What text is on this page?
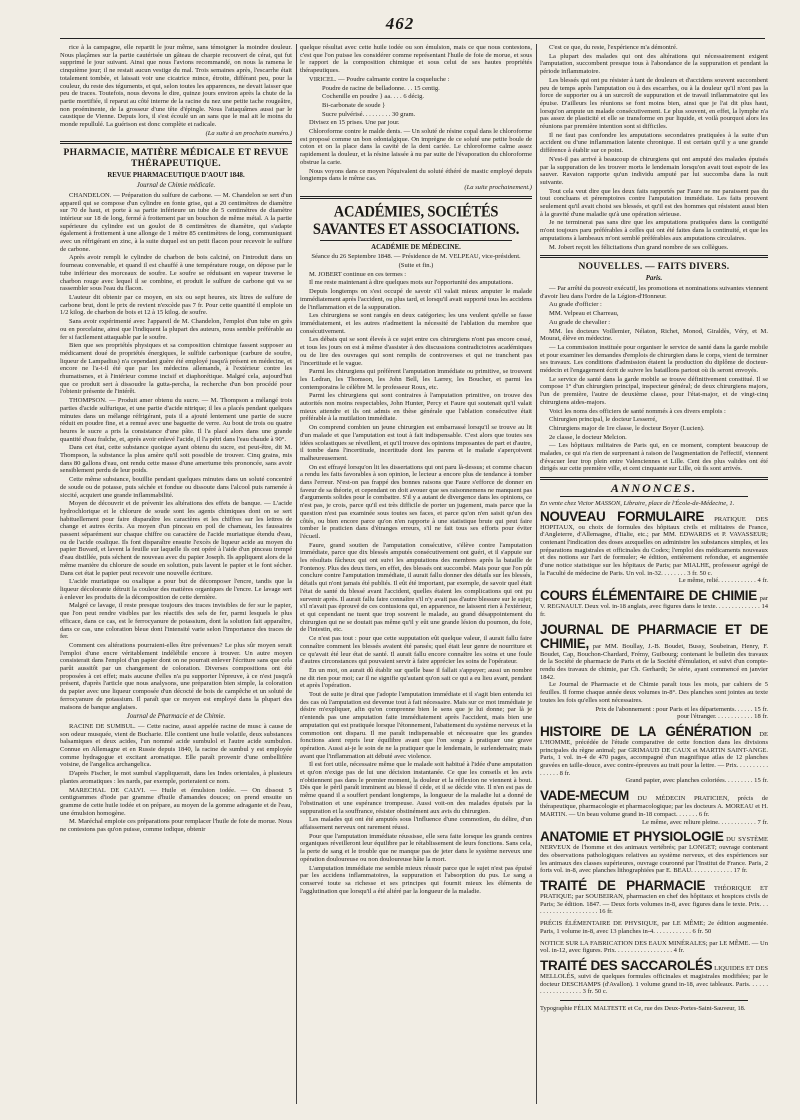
462

rice à la campagne, elle repartit le jour même, sans témoigner la moindre douleur. Nous plaçâmes sur la partie cautérisée un gâteau de charpie recouvert de cérat, qui fut supprimé le jour suivant. Ainsi que nous l'avions recommandé, on nous la ramena le cinquième jour; il ne restait aucun vestige du mal. Trois semaines après, l'escarrhe était totalement tombée, et laissait voir une cicatrice mince, étroite, différant peu, pour la couleur, du reste des téguments, et qui, selon toutes les apparences, ne devait laisser que peu de traces. Toutefois, nous devons le dire, quinze jours environ après la chute de la partie mortifiée, il reparut au côté interne de la racine du nez une petite tache rougeâtre, non proéminente, de la grosseur d'une tête d'épingle. Nous l'attaquâmes aussi par le caustique de Vienne. Depuis lors, il s'est écoulé un an sans que le mal ait le moins du monde repullulé. La guérison est donc complète et radicale.

(La suite à un prochain numéro.)

PHARMACIE, MATIÈRE MÉDICALE ET REVUE THÉRAPEUTIQUE.
REVUE PHARMACEUTIQUE D'AOUT 1848.
Journal de Chimie médicale.

CHANDELON. — Préparation du sulfure de carbone. — M. Chandelon se sert d'un appareil qui se compose d'un cylindre en fonte grise, qui a 20 centimètres de diamètre sur 70 de haut, et porte à sa partie inférieure un tube de 5 centimètres de diamètre intérieur sur 18 de long, fermé à frottement par un bouchon de même métal. A la partie supérieure du cylindre est un goulot de 8 centimètres de diamètre, qui s'adapte également à frottement à une allonge de 1 mètre 85 centimètres de long, communiquant avec un réfrigérant en zinc, à la suite duquel est un petit flacon pour recevoir le sulfure de carbone.

Après avoir rempli le cylindre de charbon de bois calciné, on l'introduit dans un fourneau convenable, et quand il est chauffé à une température rouge, on dépose par le tube inférieur des morceaux de soufre. Le soufre se réduisant en vapeur traverse le charbon rouge avec lequel il se combine, et produit le sulfure de carbone qui va se rassembler sous l'eau du flacon.

L'auteur dit obtenir par ce moyen, en six ou sept heures, six litres de sulfure de carbone brut, dont le prix de revient n'excède pas 7 fr. Pour cette quantité il emploie un 1/2 kilog. de charbon de bois et 12 à 15 kilog. de soufre.

Sans avoir expérimenté avec l'appareil de M. Chandelon, l'emploi d'un tube en grès ou en porcelaine, ainsi que l'indiquent la plupart des auteurs, nous semble préférable au fer si facilement attaquable par le soufre.

Bien que ses propriétés physiques et sa composition chimique fassent supposer au médicament doué de propriétés énergiques, le sulfide carbonique (carbure de soufre, liqueur de Lampadius) n'a cependant guère été employé jusqu'à présent en médecine, et encore ne l'a-t-il été que par les médecins allemands, à l'extérieur contre les rhumatismes, et à l'intérieur comme incisif et diaphorétique. Malgré cela, aujourd'hui que ce produit sert à dissoudre la gutta-percha, la recherche d'un bon procédé pour l'obtenir présente de l'intérêt.

THOMPSON. — Produit amer obtenu du sucre. — M. Thompson a mélangé trois parties d'acide sulfurique, et une partie d'acide nitrique; il les a placés pendant quelques minutes dans un mélange réfrigérant, puis il a ajouté lentement une partie de sucre réduit en poudre fine, et a remué avec une baguette de verre. Au bout de trois ou quatre heures le sucre a pris la consistance d'une pâte. Il l'a placé alors dans une grande quantité d'eau fraîche, et, après avoir enlevé l'acide, il l'a pétri dans l'eau chaude à 90°.

Dans cet état, cette substance quoique ayant obtenu du sucre, est peut-être, dit M. Thompson, la substance la plus amère qu'il soit possible de trouver. Cinq grains, mis dans 80 gallons d'eau, ont rendu cette masse d'une amertume très prononcée, sans avoir sensiblement perdu de leur poids.

Cette même substance, bouillie pendant quelques minutes dans un soluté concentré de soude ou de potasse, puis séchée et fondue ou dissoute dans l'alcool puis ramenée à siccité, acquiert une grande inflammabilité.

Moyen de découvrir et de prévenir les altérations des effets de banque. — L'acide hydrochlorique et le chlorure de soude sont les agents chimiques dont on se sert habituellement pour faire disparaître les caractères et les chiffres sur les lettres de change et autres écrits. Au moyen d'un pinceau en poil de chameau, les faussaires passent séparément sur chaque chiffre ou caractère de l'acide muriatique étendu d'eau, ou de l'acide oxalique. Ils font disparaître ensuite l'excès de liqueur acide au moyen du papier Buvard, et lavent la feuille sur laquelle ils ont opéré à l'aide d'un pinceau trempé d'eau distillée, puis séchent de nouveau avec du papier Joseph. Ils appliquent alors de la même manière du chlorure de soude en solution, puis lavent le papier et le font sécher. Dans cet état le papier peut recevoir une nouvelle écriture.

L'acide muriatique ou oxalique a pour but de décomposer l'encre, tandis que la liqueur décolorante détruit la couleur des matières organiques de l'encre. Le lavage sert à enlever les produits de la décomposition de cette dernière.

Malgré ce lavage, il reste presque toujours des traces invisibles de fer sur le papier, que l'on peut rendre visibles par les réactifs des sels de fer, parmi lesquels le plus efficace, dans ce cas, est le ferrocyanure de potassium, dont la solution fait apparaître, dans ce cas, une coloration bleue dont l'intensité varie selon l'importance des traces de fer.

Comment ces altérations pourraient-elles être prévenues? Le plus sûr moyen serait l'emploi d'une encre véritablement indélébile encore à trouver. Un autre moyen consisterait dans l'emploi d'un papier dont on ne pourrait enlever l'écriture sans que cela parût aussitôt par un changement de coloration. Diverses compositions ont été proposées à cet effet; mais aucune d'elles n'a pu supporter l'épreuve, à ce n'est jusqu'à présent, d'après l'article que nous analysons, une préparation bien simple, la coloration du papier avec une liqueur composée d'un décocté de bois de campêche et un soluté de ferrocyanure de potassium. Il paraît que ce moyen est employé dans la plupart des maisons de banque anglaises.

Journal de Pharmacie et de Chimie.

RACINE DE SUMBUL. — Cette racine, aussi appelée racine de musc à cause de son odeur musquée, vient de Bucharie. Elle contient une huile volatile, deux substances balsamiques et deux acides, l'un nommé acide sumbulol et l'autre acide sumbulon. Connue en Allemagne et en Russie depuis 1840, la racine de sumbul y est employée comme hydragogue et excitant aromatique. Elle paraît provenir d'une ombellifère voisine, de l'angelica archangelica.

D'après Fischer, le mot sumbul s'appliquerait, dans les Indes orientales, à plusieurs plantes aromatiques : les nards, par exemple, porteraient ce nom.

MARECHAL DE CALVI. — Huile et émulsion iodée. — On dissout 5 centigrammes d'iode par gramme d'huile d'amandes douces; on prend ensuite un gramme de cette huile iodée et on prépare, au moyen de la gomme adragante et de l'eau, une émulsion homogène.

M. Maréchal emploie ces préparations pour remplacer l'huile de foie de morue. Nous ne contestons pas qu'on puisse, comme iodique, obtenir

quelque résultat avec cette huile iodée ou son émulsion, mais ce que nous contestons, c'est que l'on puisse les considérer comme représentant l'huile de foie de morue, et sous le rapport de la composition chimique et sous celui de ses hautes propriétés thérapeutiques.

VIRICEL. — Poudre calmante contre la coqueluche :

Poudre de racine de belladonne. . . 15 centig.

Cochenille en poudre } aa. . . . 6 décig.

Bi-carbonate de soude }

Sucre pulvérisé. . . . . . . . . 30 gram.

Divisez en 15 prises. Une par jour.

Chloroforme contre le malde dents. — Un soluté de résine copal dans le chloroforme est proposé comme un bon odontalgique. On imprègne de ce soluté une petite boule de coton et on la place dans la cavité de la dent cariée. Le chloroforme calme assez rapidement la douleur, et la résine laissée à nu par suite de l'évaporation du chloroforme obstrue la carie.

Nous voyons dans ce moyen l'équivalent du soluté éthéré de mastic employé depuis longtemps dans le même cas.

(La suite prochainement.)

ACADÉMIES, SOCIÉTÉS SAVANTES ET ASSOCIATIONS.
ACADÉMIE DE MÉDECINE.

Séance du 26 Septembre 1848. — Présidence de M. VELPEAU, vice-président.

(Suite et fin.)

M. JOBERT continue en ces termes :

Il me reste maintenant à dire quelques mots sur l'opportunité des amputations.

Depuis longtemps on s'est occupé de savoir s'il valait mieux amputer le malade immédiatement après l'accident, ou plus tard, et lorsqu'il avait supporté tous les accidens de l'inflammation et de la suppuration.

Les chirurgiens se sont rangés en deux catégories; les uns veulent qu'elle se fasse immédiatement, et les autres n'admettent la nécessité de l'ablation du membre que consécutivement.

Les débats qui se sont élevés à ce sujet entre ces chirurgiens n'ont pas encore cessé, et tous les jours on est à même d'assister à des discussions contradictoires académiques ou de lire des ouvrages qui sont remplis de controverses et qui ne tranchent pas l'incertitude et le vague.

Parmi les chirurgiens qui préfèrent l'amputation immédiate ou primitive, se trouvent les Ledran, les Thomson, les John Bell, les Larrey, les Boucher, et parmi les contemporains le célèbre M. le professeur Roux, etc.

Parmi les chirurgiens qui sont contraires à l'amputation primitive, on trouve des autorités non moins respectables, John Hunter, Percy et Faure qui soutenait qu'il valait mieux attendre et ils ont admis en thèse générale que l'ablation consécutive était préférable à la mutilation immédiate.

On comprend combien un jeune chirurgien est embarrassé lorsqu'il se trouve au lit d'un malade et que l'amputation est tout à fait indispensable. C'est alors que toutes ses idées scolastiques se réveillent, et qu'il trouve des opinions imposantes de part et d'autre, il tombe dans l'incertitude, incertitude dont les parens et le malade s'aperçoivent malheureusement.

On est effrayé lorsqu'on lit les dissertations qui ont paru là-dessus; et comme chacun a rendu les faits favorables à son opinion, le lecteur a encore plus de tendance à tomber dans l'erreur. N'est-on pas frappé des bonnes raisons que Faure s'efforce de donner en faveur de sa théorie, et cependant on doit avouer que ses raisonnemens ne manquent pas d'arguments solides pour le combattre. S'il y a autant de divergence dans les opinions, ce n'est pas, je crois, parce qu'il est très difficile de porter un jugement, mais parce que la question n'est pas examinée sous toutes ses faces, et parce qu'on n'en saisit qu'un des côtés, ou bien encore parce qu'on n'en rapporte à une statistique brute qui peut faire tomber le praticien dans d'étranges erreurs, s'il ne fait tous ses efforts pour éviter l'écueil.

Faure, grand soutien de l'amputation consécutive, s'élève contre l'amputation immédiate, parce que dix blessés amputés consécutivement ont guéri, et il s'appuie sur les résultats fâcheux qui ont suivi les amputations des membres après la bataille de Fontenoy. Plus des deux tiers, en effet, des blessés ont succombé. Mais pour que l'on pût conclure contre l'amputation immédiate, il aurait fallu donner des détails sur les blessés, détails qui n'ont jamais été publiés. Il eût été important, par exemple, de savoir quel était l'état de santé du blessé avant l'accident, quelles étaient les complications qui ont pu survenir après. Il aurait fallu faire connaître s'il n'y avait pas d'autre blessure sur le sujet; s'il n'avait pas éprouvé de ces contusions qui, en apparence, ne laissent rien à l'extérieur, et qui cependant ne tuent que trop souvent le malade, au grand désappointement du chirurgien qui ne se doutait pas même qu'il y eût une grande lésion du poumon, du foie, de l'intestin, etc.

Ce n'est pas tout : pour que cette supputation eût quelque valeur, il aurait fallu faire connaître comment les blessés avaient été pansés; quel était leur genre de nourriture et ce qu'avait été leur état de santé. Il aurait fallu encore connaître les soins et une foule d'autres circonstances qui pouvaient servir à faire apprécier les soins de l'opérateur.

En un mot, on aurait dû établir sur quelle base il fallait s'appuyer; aussi un nombre ne dit rien pour moi; car il ne signifie qu'autant qu'on sait ce qui a eu lieu avant, pendant et après l'opération.

Tout de suite je dirai que j'adopte l'amputation immédiate et il s'agit bien entendu ici des cas où l'amputation est devenue tout à fait nécessaire. Mais sur ce mot immédiate je désire m'expliquer, afin qu'on comprenne bien le sens que je lui donne; par là je n'entends pas une amputation faite immédiatement après l'accident, mais bien une amputation qui est pratiquée lorsque l'étonnement, l'abattement du système nerveux et la commotion ont disparu. Il me paraît indispensable et nécessaire que les grandes fonctions aient repris leur équilibre avant que l'on songe à pratiquer une grave opération. Aussi ai-je le soin de ne la pratiquer que le lendemain, le surlendemain; mais avant que l'inflammation ait débuté avec violence.

Il est fort utile, nécessaire même que le malade soit habitué à l'idée d'une amputation et qu'on n'exige pas de lui une décision instantanée. Ce que les conseils et les avis n'obtiennent pas dans le premier moment, la douleur et la réflexion ne viennent à bout. Dès que le péril paraît imminent au blessé il cède, et il se décide vite. Il n'en est pas de même quand il a souffert pendant longtemps, la longueur de la maladie lui a donné de l'obstination et une espérance trompeuse. Aussi voit-on des malades épuisés par la suppuration et la souffrance, résister obstinément aux avis du chirurgien.

Les malades qui ont été amputés sous l'influence d'une commotion, du délire, d'un affaissement nerveux ont rarement réussi.

Pour que l'amputation immédiate réussisse, elle sera faite lorsque les grands centres organiques réveilleront leur équilibre par le rétablissement de leurs fonctions. Sans cela, la perte de sang et le trouble que ne manque pas de jeter dans le système nerveux une opération douloureuse ou non douloureuse hâte la mort.

L'amputation immédiate me semble mieux réussir parce que le sujet n'est pas épuisé par les accidens inflammatoires, la suppuration et l'absorption du pus. Le sang a conservé toute sa richesse et ses principes qui fournit mieux les éléments de l'agglutination que lorsqu'il a été altéré par la longueur de la maladie.

C'est ce que, du reste, l'expérience m'a démontré.

La plupart des malades qui ont des altérations qui nécessairement exigent l'amputation, succombent presque tous à l'abondance de la suppuration et pendant la période inflammatoire.

Les blessés qui ont pu résister à tant de douleurs et d'accidens souvent succombent peu de temps après l'amputation ou à des escarrhes, ou à la douleur qu'il n'ont pas la force de supporter ou à un surcroît de suppuration et de travail inflammatoire qui les épuise. D'ailleurs les réunions se font moins bien, ainsi que je l'ai dit plus haut, lorsqu'on ampute un malade consécutivement. Le plus souvent, en effet, la lymphe n'a pas assez de plasticité et elle se transforme en pur liquide, et voilà pourquoi alors les réunions par première intention sont si difficiles.

Il ne faut pas confondre les amputations secondaires pratiquées à la suite d'un accident ou d'une inflammation latente chronique. Il est certain qu'il y a une grande différence à établir sur ce point.

N'est-il pas arrivé à beaucoup de chirurgiens qui ont amputé des malades épuisés par la suppuration de les trouver morts le lendemain lorsqu'on avait tout espoir de les sauver. Ravaton rapporte qu'un individu amputé par lui succomba dans la nuit suivante.

Tout cela veut dire que les deux faits rapportés par Faure ne me paraissent pas du tout concluans et péremptoires contre l'amputation immédiate. Les faits prouvent seulement qu'il avait choisi ses blessés, et qu'il est des hommes qui résistent aussi bien à la gravité d'une maladie qu'à une opération sérieuse.

Je ne terminerai pas sans dire que les amputations pratiquées dans la contiguïté m'ont toujours paru préférables à celles qui ont été faites dans la continuité, et que les amputations à lambeaux m'ont semblé préférables aux amputations circulaires.

M. Jobert reçoit les félicitations d'un grand nombre de ses collègues.

NOUVELLES. — FAITS DIVERS.
Paris.

— Par arrêté du pouvoir exécutif, les promotions et nominations suivantes viennent d'avoir lieu dans l'ordre de la Légion-d'Honneur.

Au grade d'officier :

MM. Velpeau et Charreau,

Au grade de chevalier :

MM. les docteurs Voillemier, Nélaton, Richet, Monod, Giraldès, Véry, et M. Mourat, élève en médecine.

— La commission instituée pour organiser le service de santé dans la garde mobile et pour examiner les demandes d'emplois de chirurgien dans le corps, vient de terminer ses travaux. Les conditions d'admission étaient la production du diplôme de docteur-médecin et l'engagement écrit de suivre les bataillons partout où ils seront envoyés.

Le service de santé dans la garde mobile se trouve définitivement constitué. Il se compose 1° d'un chirurgien principal, inspecteur général; de deux chirurgiens majors, l'un de première, l'autre de deuxième classe, pour l'état-major, et de vingt-cinq chirurgiens aides-majors.

Voici les noms des officiers de santé nommés à ces divers emplois :

Chirurgien principal, le docteur Lesserré,

Chirurgiens major de 1re classe, le docteur Boyer (Lucien).

2e classe, le docteur Melcion.

— Les hôpitaux militaires de Paris qui, en ce moment, comptent beaucoup de malades, ce qui n'a rien de surprenant à raison de l'augmentation de l'effectif, viennent d'évacuer leur trop plein entre Valenciennes et Lille. Cent des plus valides ont été dirigés sur cette première ville, et cent cinquante sur Lille, où ils sont arrivés.

ANNONCES.

En vente chez Victor MASSON, Libraire, place de l'École-de-Médecine, 1.

NOUVEAU FORMULAIRE PRATIQUE DES HOPITAUX, ou choix de formules des hôpitaux civils et militaires de France, d'Angleterre, d'Allemagne, d'Italie, etc.; par MM. EDWARDS et P. VAVASSEUR; contenant l'indication des doses auxquelles on administre les substances simples, et les préparations magistrales et officinales du Codex; l'emploi des médicaments nouveaux et des notions sur l'art de formuler; 4e édition, entièrement refondue, et augmentée d'une notice statistique sur les hôpitaux de Paris; par MIALHE, professeur agrégé de la Faculté de médecine de Paris. Un vol. in-32. . . . . . . . 3 fr. 50 c.
Le même, relié. . . . . . . . . . . . 4 fr.
COURS ÉLÉMENTAIRE DE CHIMIE par V. REGNAULT. Deux vol. in-18 anglais, avec figures dans le texte. . . . . . . . . . . . . . 14 fr.
JOURNAL DE PHARMACIE ET DE CHIMIE, par MM. Boullay, J.-B. Boudet, Bussy, Soubeiran, Henry, F. Boudet, Cap, Bouchon-Chardard, Frémy, Guibourg; contenant le bulletin des travaux de la Société de pharmacie de Paris et de la Société d'émulation, et suivi d'un compte-rendu des travaux de chimie, par Ch. Gerhardt; 3e série, ayant commencé en janvier 1842.

Le Journal de Pharmacie et de Chimie paraît tous les mois, par cahiers de 5 feuilles. Il forme chaque année deux volumes in-8°. Des planches sont jointes au texte toutes les fois qu'elles sont nécessaires.

Prix de l'abonnement : pour Paris et les départements. . . . . . 15 fr.
pour l'étranger. . . . . . . . . . . . 18 fr.
HISTOIRE DE LA GÉNÉRATION DE L'HOMME, précédée de l'étude comparative de cette fonction dans les divisions principales du règne animal; par GRIMAUD DE CAUX et MARTIN SAINT-ANGE. Paris, 1 vol. in-4 de 470 pages, accompagné d'un magnifique atlas de 12 planches gravées en taille-douce, avec contre-épreuves au trait pour la lettre. — Prix. . . . . . . . . . . . . . . . 8 fr.
Grand papier, avec planches coloriées. . . . . . . . . 15 fr.
VADE-MECUM DU MÉDECIN PRATICIEN, précis de thérapeutique, pharmacologie et pharmacologique; par les docteurs A. MOREAU et H. MARTIN. — Un beau volume grand in-18 compact. . . . . . . 6 fr.
Le même, avec reliure pleine. . . . . . . . . . . . 7 fr.
ANATOMIE ET PHYSIOLOGIE DU SYSTÈME NERVEUX de l'homme et des animaux vertébrés; par LONGET; ouvrage contenant des observations pathologiques relatives au système nerveux, et des expériences sur les animaux des classes supérieures, ouvrage couronné par l'Institut de France. Paris, 2 forts vol. in-8, avec planches lithographiées par E. BEAU. . . . . . . . . . . . . 17 fr.
TRAITÉ DE PHARMACIE THÉORIQUE ET PRATIQUE; par SOUBEIRAN, pharmacien en chef des hôpitaux et hospices civils de Paris; 3e édition. 1847. — Deux forts volumes in-8, avec figures dans le texte. Prix. . . . . . . . . . . . . . . . . . . . . 16 fr.
PRÉCIS ÉLÉMENTAIRE DE PHYSIQUE, par LE MÊME; 2e édition augmentée. Paris, 1 volume in-8, avec 13 planches in-4. . . . . . . . . . . . 6 fr. 50
NOTICE SUR LA FABRICATION DES EAUX MINÉRALES; par LE MÊME. — Un vol. in-12, avec figures. Prix. . . . . . . . . . . . . . . . . . 4 fr.
TRAITÉ DES SACCAROLÉS LIQUIDES ET DES MELLOLÉS, suivi de quelques formules officinales et magistrales modifiées; par le docteur DESCHAMPS (d'Avallon). 1 volume grand in-18, avec tableaux. Paris. . . . . . . . . . . . . . . . . . . 3 fr. 50 c.

Typographie FÉLIX MALTESTE et Ce, rue des Deux-Portes-Saint-Sauveur, 18.
